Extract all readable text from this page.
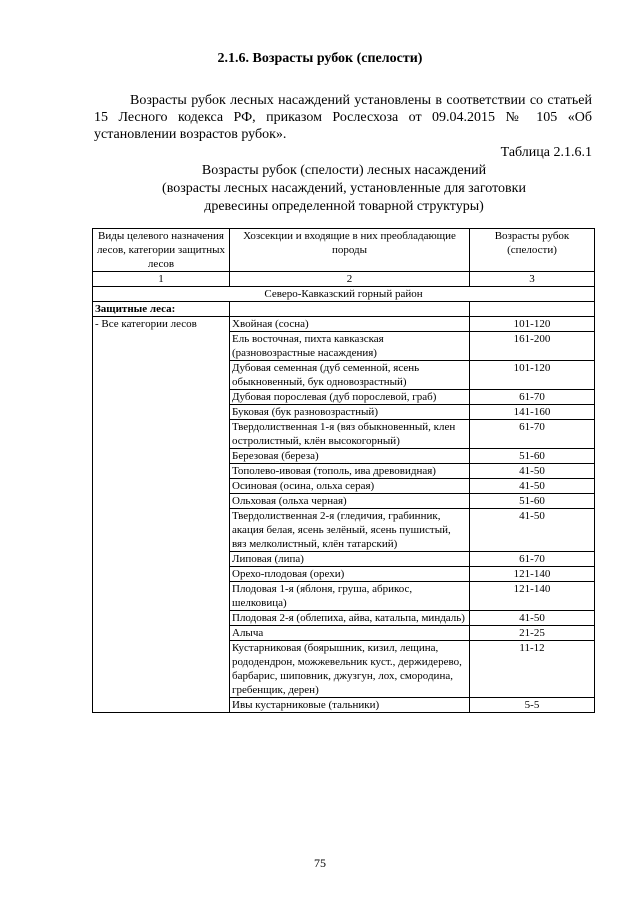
2.1.6. Возрасты рубок (спелости)
Возрасты рубок лесных насаждений установлены в соответствии со статьей 15 Лесного кодекса РФ, приказом Рослесхоза от 09.04.2015 № 105 «Об установлении возрастов рубок».
Таблица 2.1.6.1
Возрасты рубок (спелости) лесных насаждений
(возрасты лесных насаждений, установленные для заготовки
древесины определенной товарной структуры)
Виды целевого назначения лесов, категории защитных лесов	Хозсекции и входящие в них преобладающие породы	Возрасты рубок (спелости)
1	2	3
Северо-Кавказский горный район		
Защитные леса:		
- Все категории лесов	Хвойная (сосна)	101-120
	Ель восточная, пихта кавказская (разновозрастные насаждения)	161-200
	Дубовая семенная (дуб семенной, ясень обыкновенный, бук одновозрастный)	101-120
	Дубовая порослевая (дуб порослевой, граб)	61-70
	Буковая (бук разновозрастный)	141-160
	Твердолиственная 1-я (вяз обыкновенный, клен остролистный, клён высокогорный)	61-70
	Березовая (береза)	51-60
	Тополево-ивовая (тополь, ива древовидная)	41-50
	Осиновая (осина, ольха серая)	41-50
	Ольховая (ольха черная)	51-60
	Твердолиственная 2-я (гледичия, грабинник, акация белая, ясень зелёный, ясень пушистый, вяз мелколистный, клён татарский)	41-50
	Липовая (липа)	61-70
	Орехо-плодовая (орехи)	121-140
	Плодовая 1-я (яблоня, груша, абрикос, шелковица)	121-140
	Плодовая 2-я (облепиха, айва, катальпа, миндаль)	41-50
	Алыча	21-25
	Кустарниковая (боярышник, кизил, лещина, рододендрон, можжевельник куст., держидерево, барбарис, шиповник, джузгун, лох, смородина, гребенщик, дерен)	11-12
	Ивы кустарниковые (тальники)	5-5
75
